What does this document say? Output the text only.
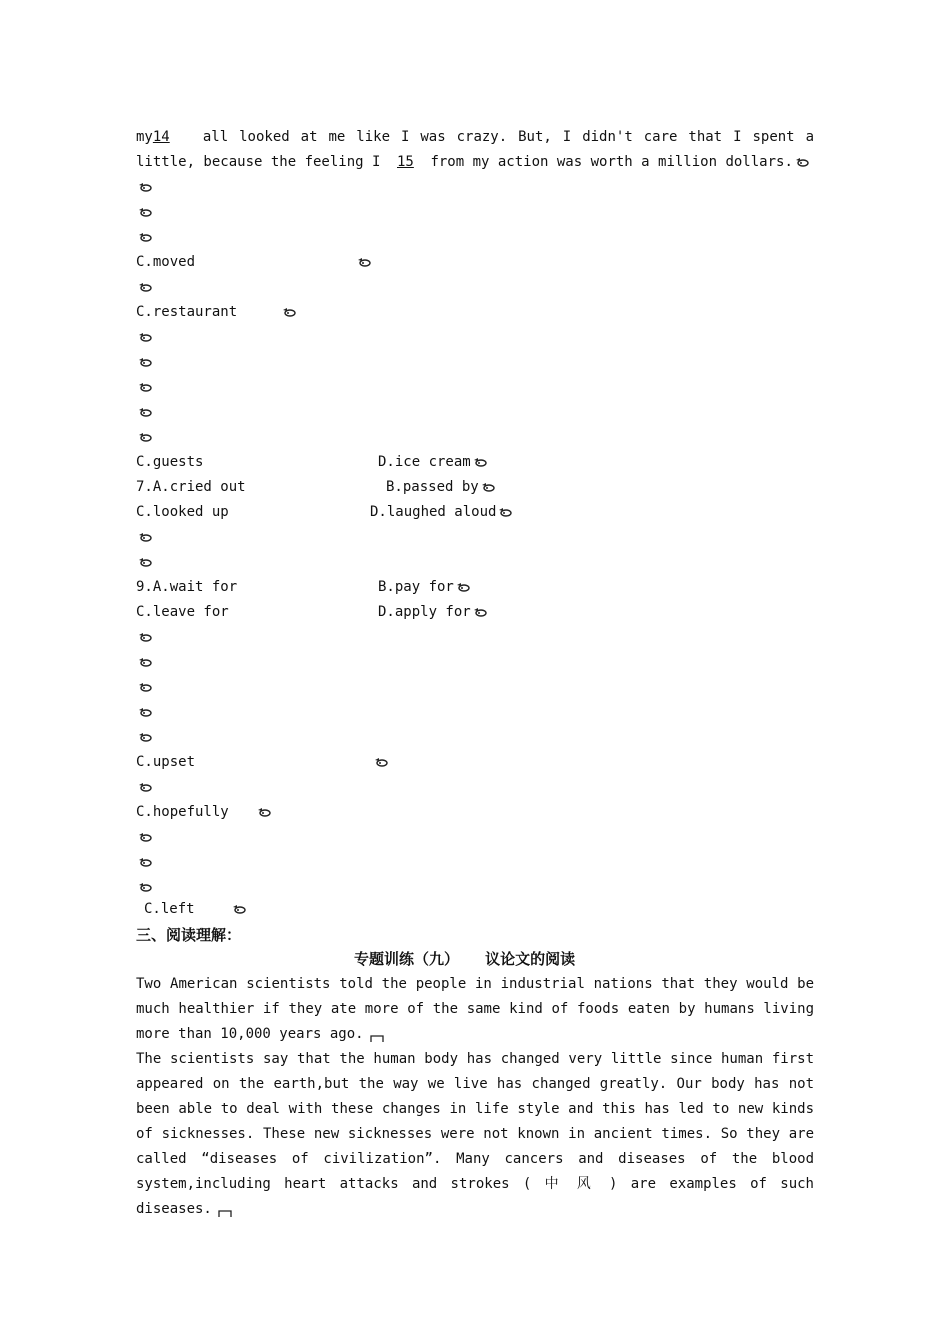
my14 all looked at me like I was crazy. But, I didn't care that I spent a
little, because the feeling I 15 from my action was worth a million dollars.
C.moved
C.restaurant
C.guests	D.ice cream
7.A.cried out	B.passed by
C.looked up	D.laughed aloud
9.A.wait for	B.pay for
C.leave for	D.apply for
C.upset
C.hopefully
C.left
三、阅读理解：
专题训练（九）     议论文的阅读
Two American scientists told the people in industrial nations that they would be
much healthier if they ate more of the same kind of foods eaten by humans living
more than 10,000 years ago.
The scientists say that the human body has changed very little since human first
appeared on the earth,but the way we live has changed greatly. Our body has not
been able to deal with these changes in life style and this has led to new kinds
of sicknesses. These new sicknesses were not known in ancient times. So they are
called “diseases of civilization”. Many cancers and diseases of the blood
system,including heart attacks and strokes ( 中 风 ) are examples of such
diseases.
